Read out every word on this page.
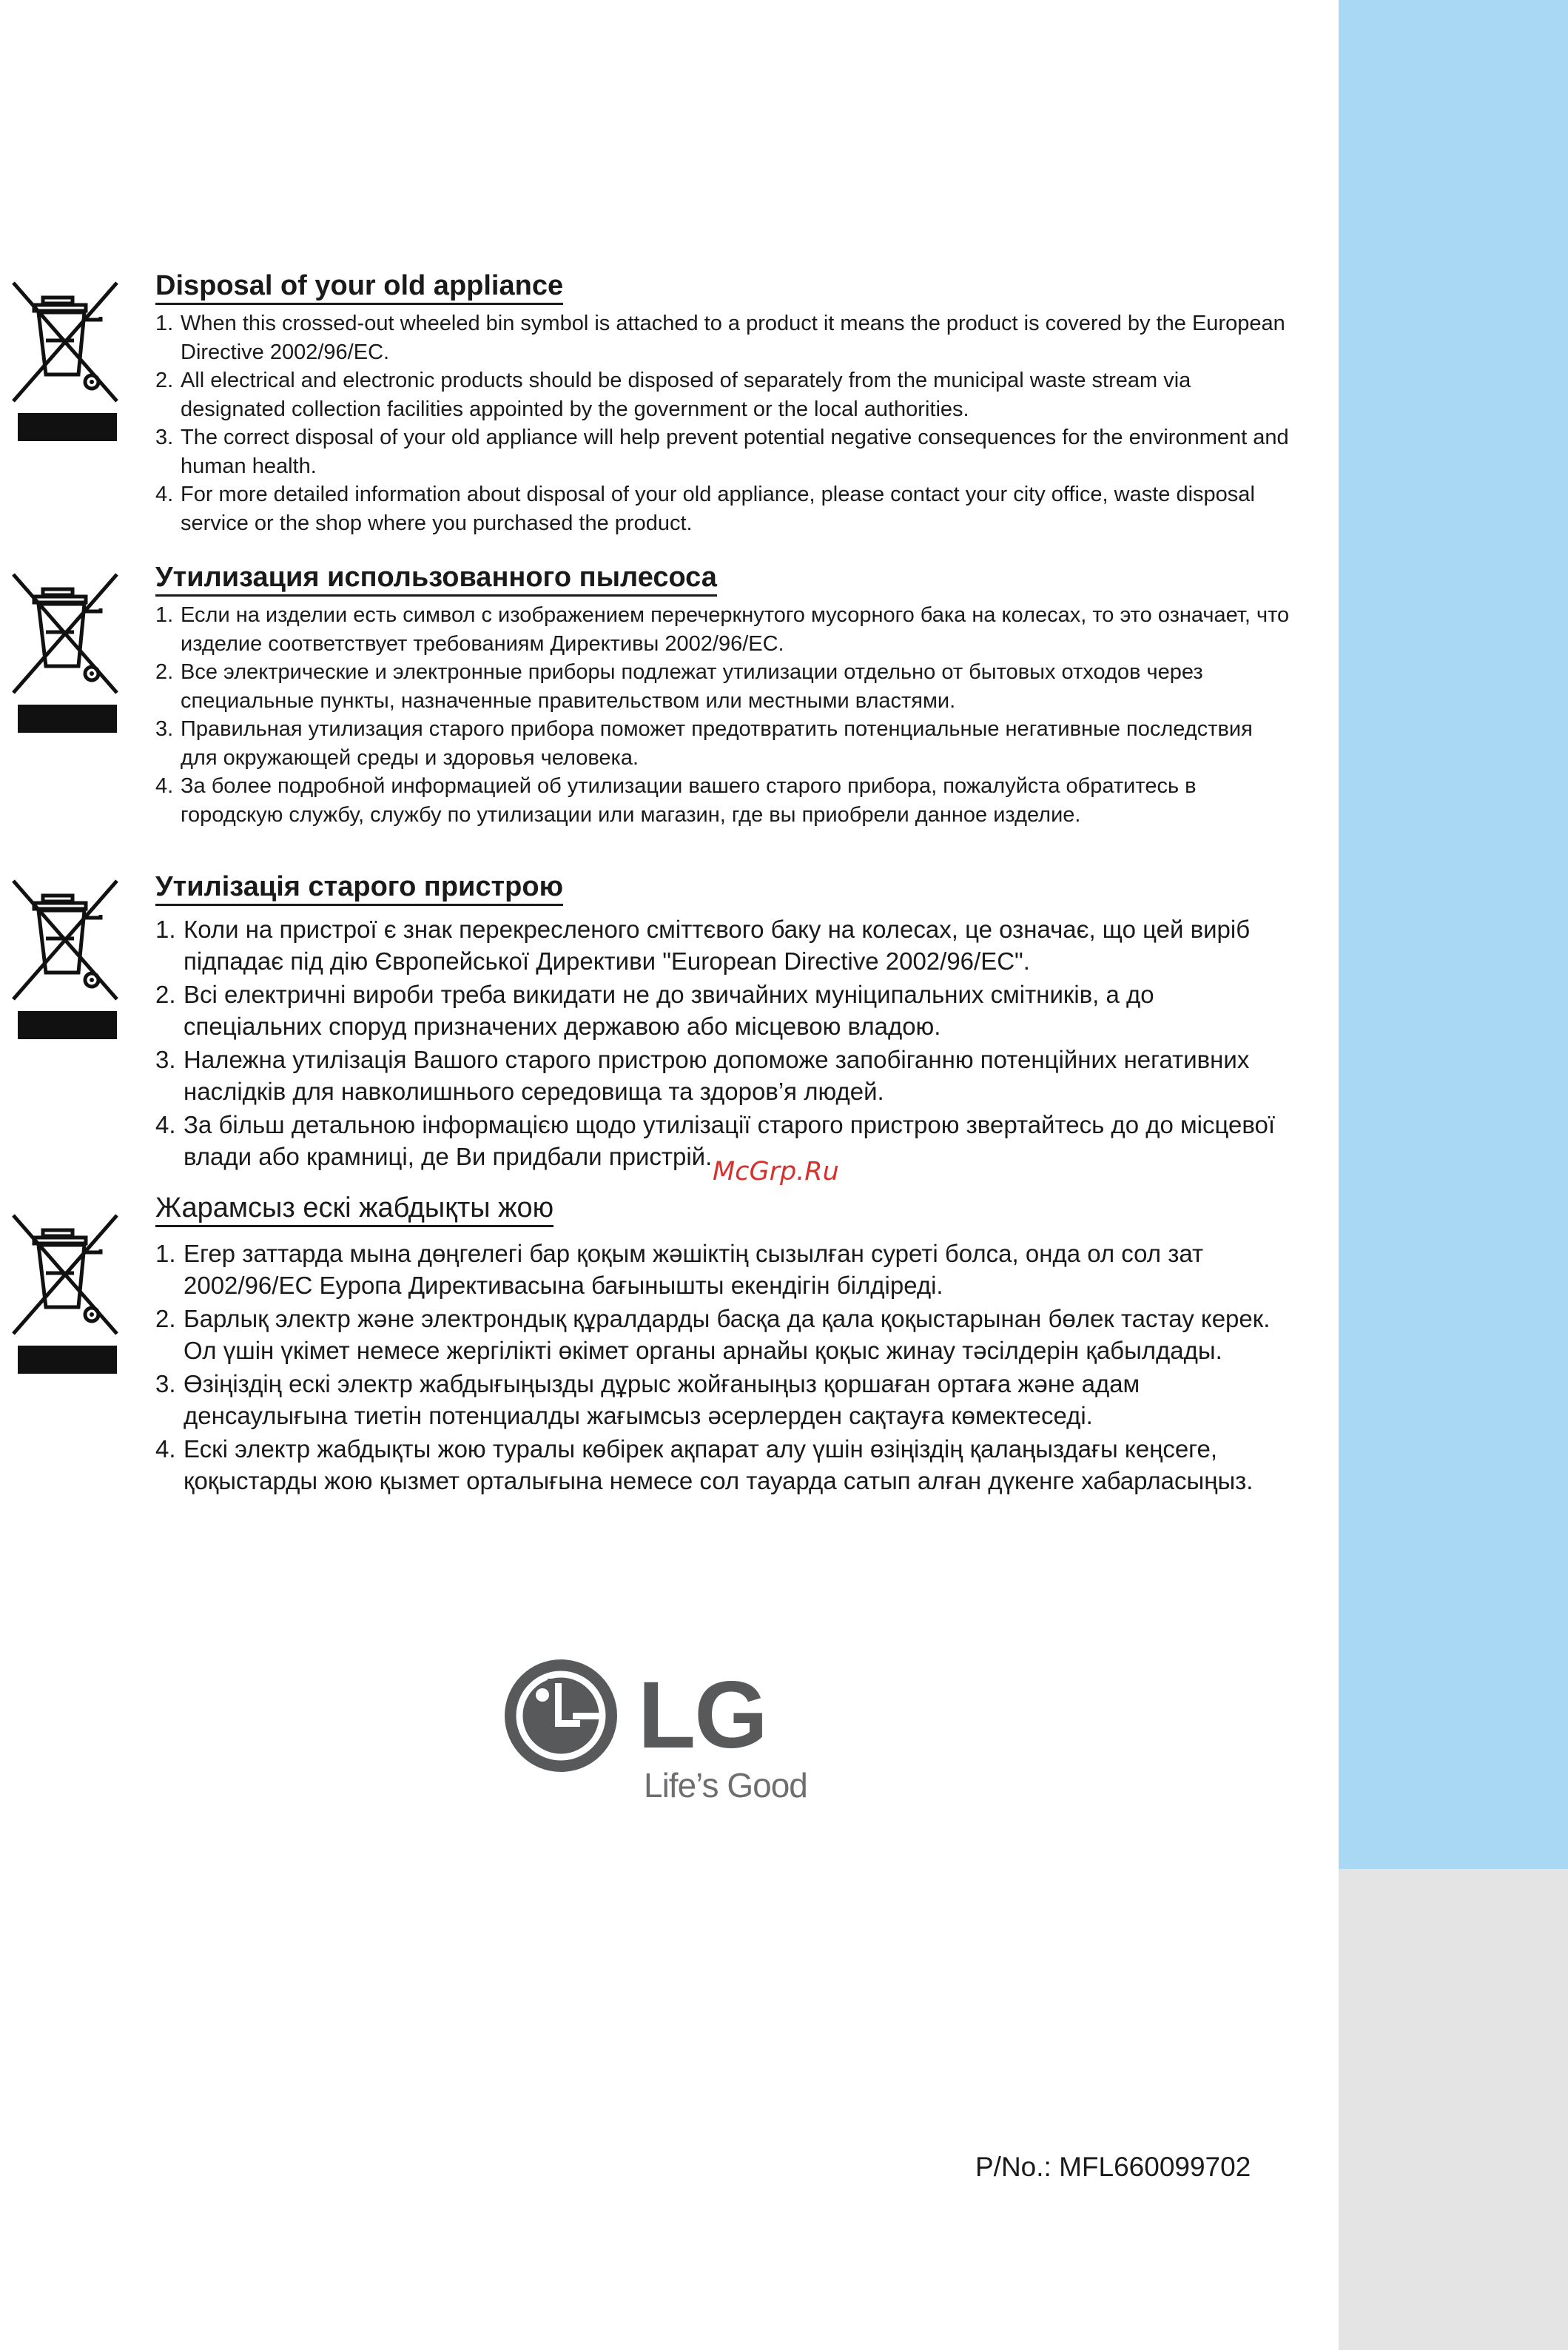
Disposal of your old appliance
1. When this crossed-out wheeled bin symbol is attached to a product it means the product is covered by the European Directive 2002/96/EC.
2. All electrical and electronic products should be disposed of separately from the municipal waste stream via designated collection facilities appointed by the government or the local authorities.
3. The correct disposal of your old appliance will help prevent potential negative consequences for the environment and human health.
4. For more detailed information about disposal of your old appliance, please contact your city office, waste disposal service or the shop where you purchased the product.
Утилизация использованного пылесоса
1. Если на изделии есть символ с изображением перечеркнутого мусорного бака на колесах, то это означает, что изделие соответствует требованиям Директивы 2002/96/EC.
2. Все электрические и электронные приборы подлежат утилизации отдельно от бытовых отходов через специальные пункты, назначенные правительством или местными властями.
3. Правильная утилизация старого прибора поможет предотвратить потенциальные негативные последствия для окружающей среды и здоровья человека.
4. За более подробной информацией об утилизации вашего старого прибора, пожалуйста обратитесь в городскую службу, службу по утилизации или магазин, где вы приобрели данное изделие.
Утилізація старого пристрою
1. Коли на пристрої є знак перекресленого сміттєвого баку на колесах, це означає, що цей виріб підпадає під дію Європейської Директиви "European Directive 2002/96/EC".
2. Всі електричні вироби треба викидати не до звичайних муніципальних смітників, а до спеціальних споруд призначених державою або місцевою владою.
3. Належна утилізація Вашого старого пристрою допоможе запобіганню потенційних негативних наслідків для навколишнього середовища та здоров’я людей.
4. За більш детальною інформацією щодо утилізації старого пристрою звертайтесь до до місцевої влади або крамниці, де Ви придбали пристрій.
McGrp.Ru
Жарамсыз ескі жабдықты жою
1. Егер заттарда мына дөңгелегі бар қоқым жәшіктің сызылған суреті болса, онда ол сол зат 2002/96/EC Еуропа Директивасына бағынышты екендігін білдіреді.
2. Барлық электр және электрондық құралдарды басқа да қала қоқыстарынан бөлек тастау керек. Ол үшін үкімет немесе жергілікті өкімет органы арнайы қоқыс жинау тәсілдерін қабылдады.
3. Өзіңіздің ескі электр жабдығыңызды дұрыс жойғаныңыз қоршаған ортаға және адам денсаулығына тиетін потенциалды жағымсыз әсерлерден сақтауға көмектеседі.
4. Ескі электр жабдықты жою туралы көбірек ақпарат алу үшін өзіңіздің қалаңыздағы кеңсеге, қоқыстарды жою қызмет орталығына немесе сол тауарда сатып алған дүкенге хабарласыңыз.
LG
Life’s Good
P/No.: MFL660099702
